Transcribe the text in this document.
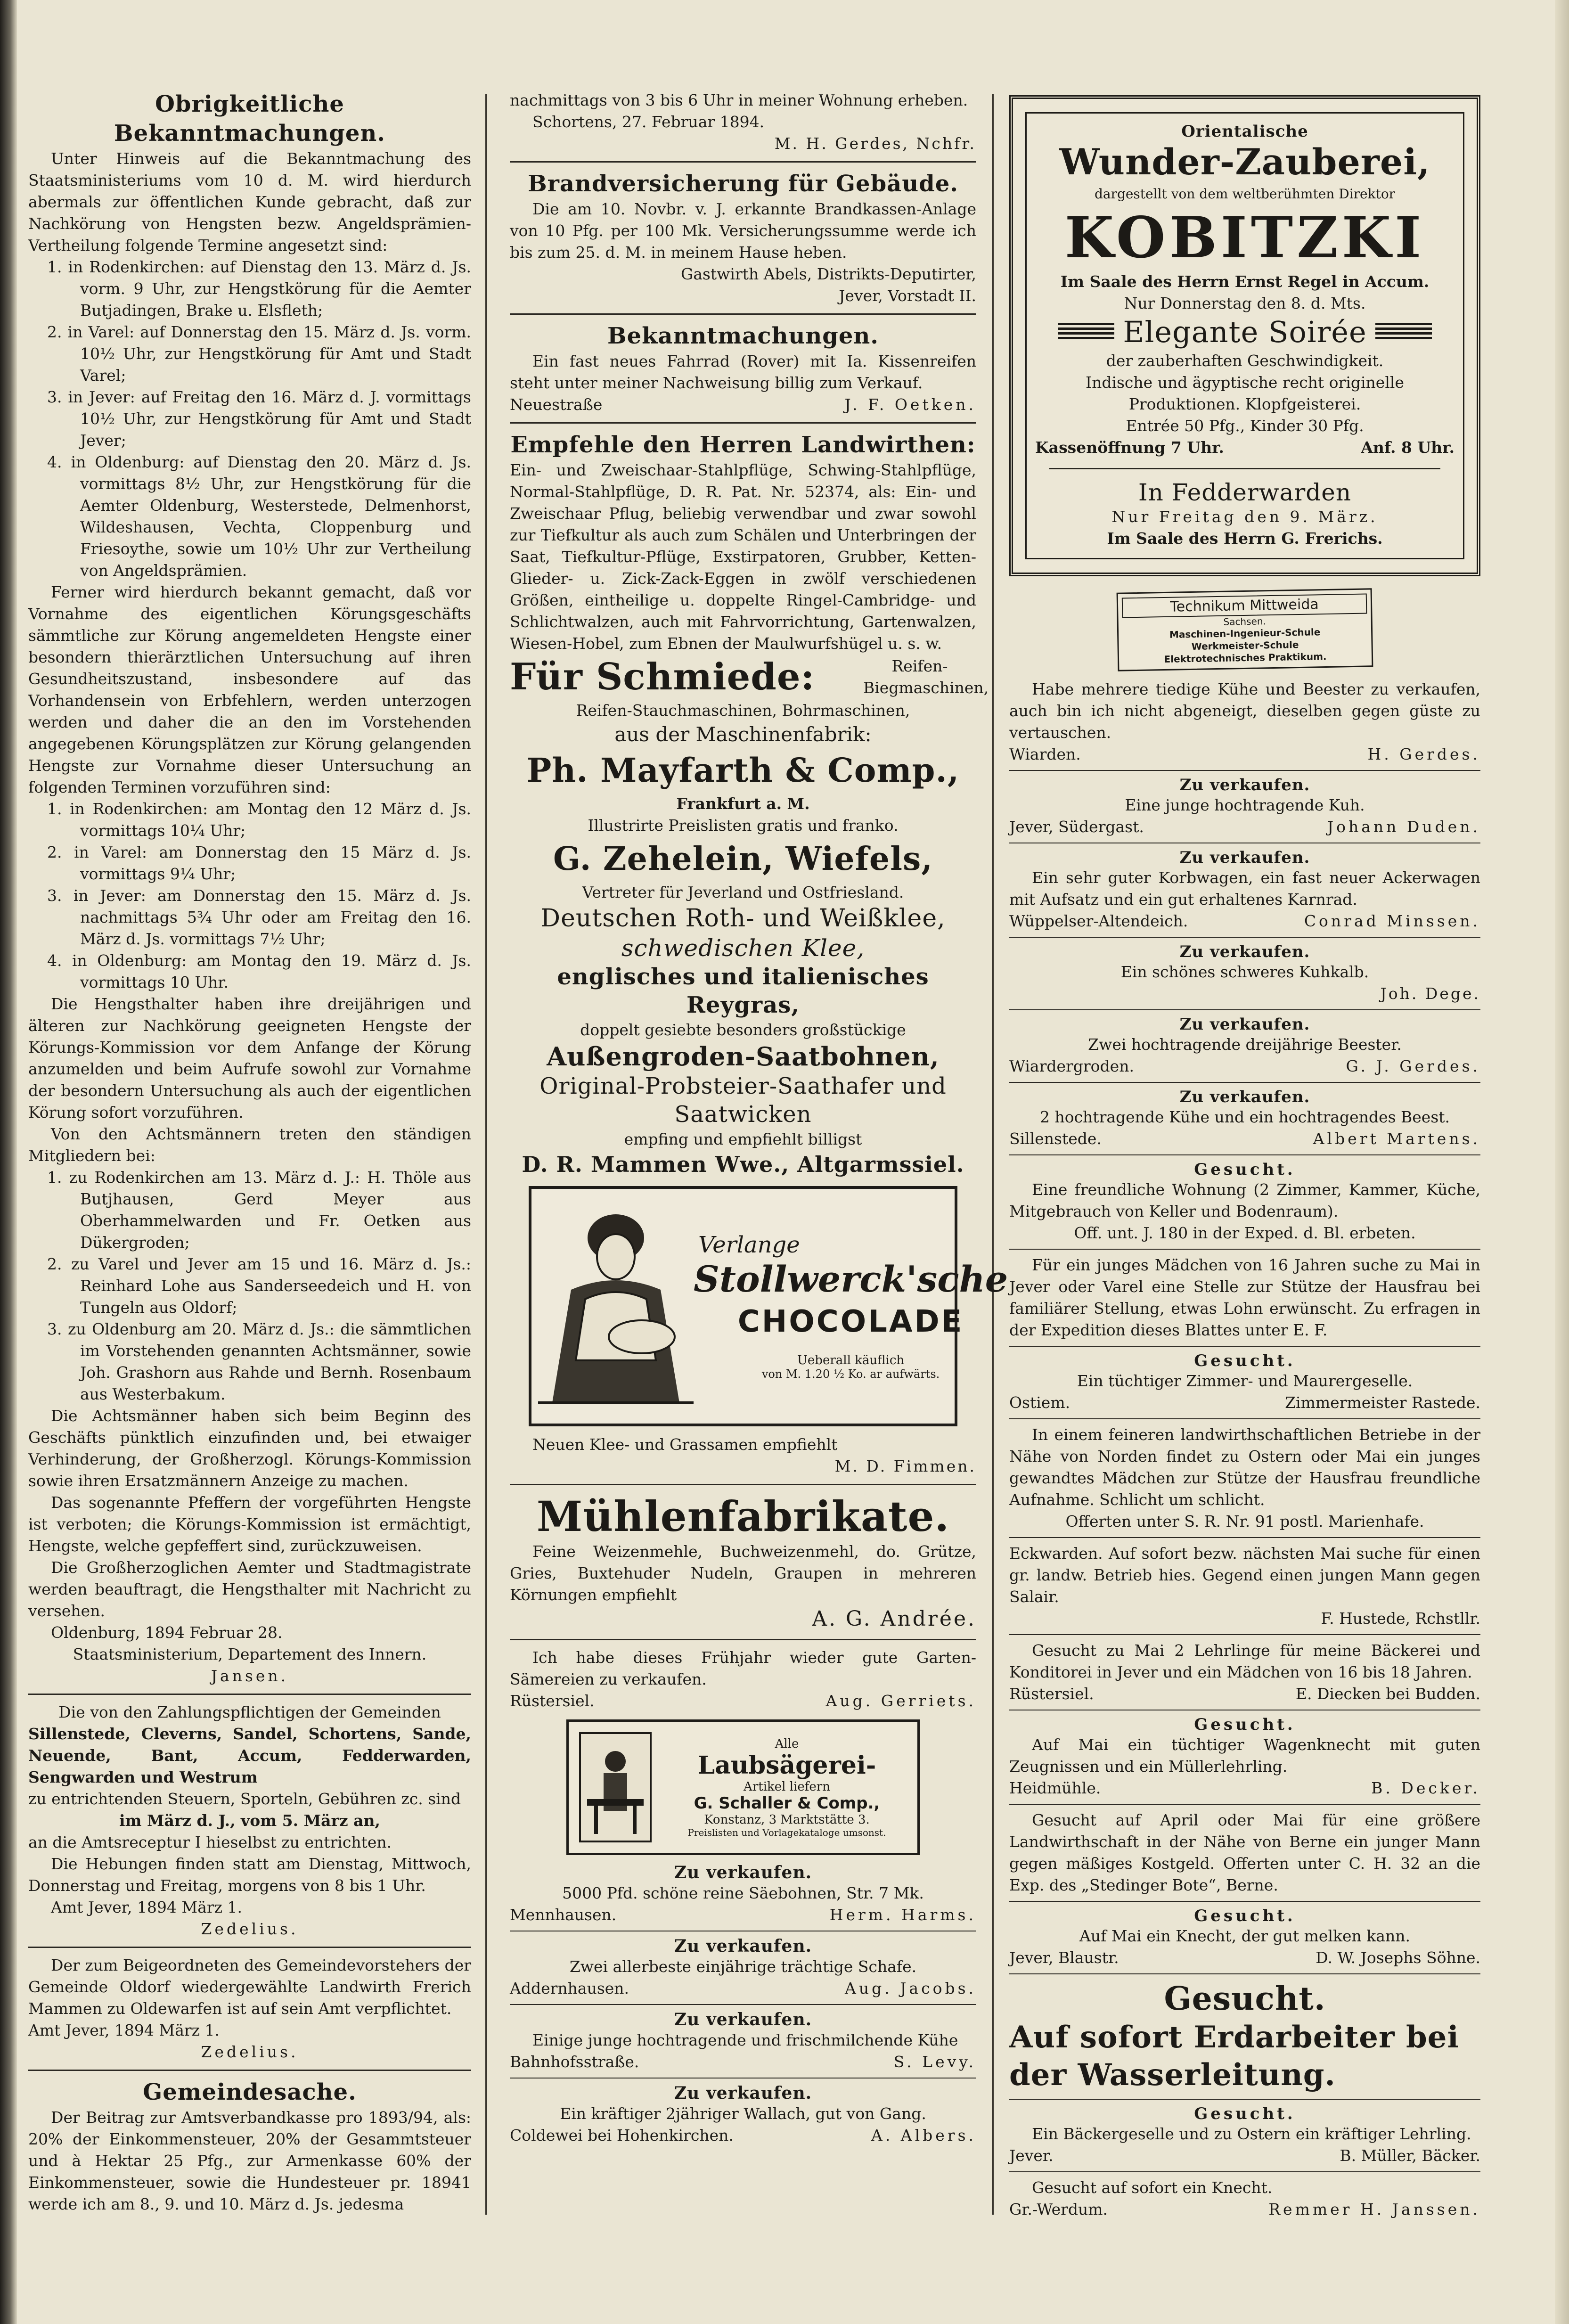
Obrigkeitliche Bekanntmachungen.

Unter Hinweis auf die Bekanntmachung des Staatsministeriums vom 10 d. M. wird hierdurch abermals zur öffentlichen Kunde gebracht, daß zur Nachkörung von Hengsten bezw. Angeldsprämien-Vertheilung folgende Termine angesetzt sind:

1. in Rodenkirchen: auf Dienstag den 13. März d. Js. vorm. 9 Uhr, zur Hengstkörung für die Aemter Butjadingen, Brake u. Elsfleth;

2. in Varel: auf Donnerstag den 15. März d. Js. vorm. 10½ Uhr, zur Hengstkörung für Amt und Stadt Varel;

3. in Jever: auf Freitag den 16. März d. J. vormittags 10½ Uhr, zur Hengstkörung für Amt und Stadt Jever;

4. in Oldenburg: auf Dienstag den 20. März d. Js. vormittags 8½ Uhr, zur Hengstkörung für die Aemter Oldenburg, Westerstede, Delmenhorst, Wildeshausen, Vechta, Cloppenburg und Friesoythe, sowie um 10½ Uhr zur Vertheilung von Angeldsprämien.

Ferner wird hierdurch bekannt gemacht, daß vor Vornahme des eigentlichen Körungsgeschäfts sämmtliche zur Körung angemeldeten Hengste einer besondern thierärztlichen Untersuchung auf ihren Gesundheitszustand, insbesondere auf das Vorhandensein von Erbfehlern, werden unterzogen werden und daher die an den im Vorstehenden angegebenen Körungsplätzen zur Körung gelangenden Hengste zur Vornahme dieser Untersuchung an folgenden Terminen vorzuführen sind:

1. in Rodenkirchen: am Montag den 12 März d. Js. vormittags 10¼ Uhr;

2. in Varel: am Donnerstag den 15 März d. Js. vormittags 9¼ Uhr;

3. in Jever: am Donnerstag den 15. März d. Js. nachmittags 5¾ Uhr oder am Freitag den 16. März d. Js. vormittags 7½ Uhr;

4. in Oldenburg: am Montag den 19. März d. Js. vormittags 10 Uhr.

Die Hengsthalter haben ihre dreijährigen und älteren zur Nachkörung geeigneten Hengste der Körungs-Kommission vor dem Anfange der Körung anzumelden und beim Aufrufe sowohl zur Vornahme der besondern Untersuchung als auch der eigentlichen Körung sofort vorzuführen.

Von den Achtsmännern treten den ständigen Mitgliedern bei:

1. zu Rodenkirchen am 13. März d. J.: H. Thöle aus Butjhausen, Gerd Meyer aus Oberhammelwarden und Fr. Oetken aus Dükergroden;

2. zu Varel und Jever am 15 und 16. März d. Js.: Reinhard Lohe aus Sanderseedeich und H. von Tungeln aus Oldorf;

3. zu Oldenburg am 20. März d. Js.: die sämmtlichen im Vorstehenden genannten Achtsmänner, sowie Joh. Grashorn aus Rahde und Bernh. Rosenbaum aus Westerbakum.

Die Achtsmänner haben sich beim Beginn des Geschäfts pünktlich einzufinden und, bei etwaiger Verhinderung, der Großherzogl. Körungs-Kommission sowie ihren Ersatzmännern Anzeige zu machen.

Das sogenannte Pfeffern der vorgeführten Hengste ist verboten; die Körungs-Kommission ist ermächtigt, Hengste, welche gepfeffert sind, zurückzuweisen.

Die Großherzoglichen Aemter und Stadtmagistrate werden beauftragt, die Hengsthalter mit Nachricht zu versehen.

Oldenburg, 1894 Februar 28.

Staatsministerium, Departement des Innern.

Jansen.

Die von den Zahlungspflichtigen der Gemeinden

Sillenstede, Cleverns, Sandel, Schortens, Sande, Neuende, Bant, Accum, Fedderwarden, Sengwarden und Westrum

zu entrichtenden Steuern, Sporteln, Gebühren zc. sind

im März d. J., vom 5. März an,

an die Amtsreceptur I hieselbst zu entrichten.

Die Hebungen finden statt am Dienstag, Mittwoch, Donnerstag und Freitag, morgens von 8 bis 1 Uhr.

Amt Jever, 1894 März 1.

Zedelius.

Der zum Beigeordneten des Gemeindevorstehers der Gemeinde Oldorf wiedergewählte Landwirth Frerich Mammen zu Oldewarfen ist auf sein Amt verpflichtet.

Amt Jever, 1894 März 1.

Zedelius.

Gemeindesache.

Der Beitrag zur Amtsverbandkasse pro 1893/94, als: 20% der Einkommensteuer, 20% der Gesammtsteuer und à Hektar 25 Pfg., zur Armenkasse 60% der Einkommensteuer, sowie die Hundesteuer pr. 18941 werde ich am 8., 9. und 10. März d. Js. jedesma

nachmittags von 3 bis 6 Uhr in meiner Wohnung erheben.

Schortens, 27. Februar 1894.

M. H. Gerdes, Nchfr.

Brandversicherung für Gebäude.

Die am 10. Novbr. v. J. erkannte Brandkassen-Anlage von 10 Pfg. per 100 Mk. Versicherungssumme werde ich bis zum 25. d. M. in meinem Hause heben.

Gastwirth Abels, Distrikts-Deputirter,

Jever, Vorstadt II.

Bekanntmachungen.

Ein fast neues Fahrrad (Rover) mit Ia. Kissenreifen steht unter meiner Nachweisung billig zum Verkauf.

Neuestraße	J. F. Oetken.
Empfehle den Herren Landwirthen:

Ein- und Zweischaar-Stahlpflüge, Schwing-Stahlpflüge, Normal-Stahlpflüge, D. R. Pat. Nr. 52374, als: Ein- und Zweischaar Pflug, beliebig verwendbar und zwar sowohl zur Tiefkultur als auch zum Schälen und Unterbringen der Saat, Tiefkultur-Pflüge, Exstirpatoren, Grubber, Ketten-Glieder- u. Zick-Zack-Eggen in zwölf verschiedenen Größen, eintheilige u. doppelte Ringel-Cambridge- und Schlichtwalzen, auch mit Fahrvorrichtung, Gartenwalzen, Wiesen-Hobel, zum Ebnen der Maulwurfshügel u. s. w.

Für Schmiede:	Reifen-Biegmaschinen,

Reifen-Stauchmaschinen, Bohrmaschinen,

aus der Maschinenfabrik:

Ph. Mayfarth & Comp.,

Frankfurt a. M.

Illustrirte Preislisten gratis und franko.

G. Zehelein, Wiefels,

Vertreter für Jeverland und Ostfriesland.

Deutschen Roth- und Weißklee,
schwedischen Klee,
englisches und italienisches Reygras,

doppelt gesiebte besonders großstückige

Außengroden-Saatbohnen,
Original-Probsteier-Saathafer und
Saatwicken

empfing und empfiehlt billigst

D. R. Mammen Wwe., Altgarmssiel.
Verlange
Stollwerck'sche
CHOCOLADE
Ueberall käuflich
von M. 1.20 ½ Ko. ar aufwärts.

Neuen Klee- und Grassamen empfiehlt

M. D. Fimmen.

Mühlenfabrikate.

Feine Weizenmehle, Buchweizenmehl, do. Grütze, Gries, Buxtehuder Nudeln, Graupen in mehreren Körnungen empfiehlt

A. G. Andrée.

Ich habe dieses Frühjahr wieder gute Garten-Sämereien zu verkaufen.

Rüstersiel.	Aug. Gerriets.
Alle
Laubsägerei-
Artikel liefern
G. Schaller & Comp.,
Konstanz, 3 Marktstätte 3.
Preislisten und Vorlagekataloge umsonst.
Zu verkaufen.

5000 Pfd. schöne reine Säebohnen, Str. 7 Mk.

Mennhausen.	Herm. Harms.
Zu verkaufen.

Zwei allerbeste einjährige trächtige Schafe.

Addernhausen.	Aug. Jacobs.
Zu verkaufen.

Einige junge hochtragende und frischmilchende Kühe

Bahnhofsstraße.	S. Levy.
Zu verkaufen.

Ein kräftiger 2jähriger Wallach, gut von Gang.

Coldewei bei Hohenkirchen.	A. Albers.
Orientalische
Wunder-Zauberei,

dargestellt von dem weltberühmten Direktor

KOBITZKI

Im Saale des Herrn Ernst Regel in Accum.

Nur Donnerstag den 8. d. Mts.

Elegante Soirée

der zauberhaften Geschwindigkeit.

Indische und ägyptische recht originelle Produktionen. Klopfgeisterei.

Entrée 50 Pfg., Kinder 30 Pfg.

Kassenöffnung 7 Uhr.	Anf. 8 Uhr.
In Fedderwarden

Nur Freitag den 9. März.

Im Saale des Herrn G. Frerichs.

Technikum Mittweida
Sachsen.
Maschinen-Ingenieur-Schule
Werkmeister-Schule
Elektrotechnisches Praktikum.

Habe mehrere tiedige Kühe und Beester zu verkaufen, auch bin ich nicht abgeneigt, dieselben gegen güste zu vertauschen.

Wiarden.	H. Gerdes.
Zu verkaufen.

Eine junge hochtragende Kuh.

Jever, Südergast.	Johann Duden.
Zu verkaufen.

Ein sehr guter Korbwagen, ein fast neuer Ackerwagen mit Aufsatz und ein gut erhaltenes Karnrad.

Wüppelser-Altendeich.	Conrad Minssen.
Zu verkaufen.

Ein schönes schweres Kuhkalb.

Joh. Dege.

Zu verkaufen.

Zwei hochtragende dreijährige Beester.

Wiardergroden.	G. J. Gerdes.
Zu verkaufen.

2 hochtragende Kühe und ein hochtragendes Beest.

Sillenstede.	Albert Martens.
Gesucht.

Eine freundliche Wohnung (2 Zimmer, Kammer, Küche, Mitgebrauch von Keller und Bodenraum).

Off. unt. J. 180 in der Exped. d. Bl. erbeten.

Für ein junges Mädchen von 16 Jahren suche zu Mai in Jever oder Varel eine Stelle zur Stütze der Hausfrau bei familiärer Stellung, etwas Lohn erwünscht. Zu erfragen in der Expedition dieses Blattes unter E. F.

Gesucht.

Ein tüchtiger Zimmer- und Maurergeselle.

Ostiem.	Zimmermeister Rastede.

In einem feineren landwirthschaftlichen Betriebe in der Nähe von Norden findet zu Ostern oder Mai ein junges gewandtes Mädchen zur Stütze der Hausfrau freundliche Aufnahme. Schlicht um schlicht.

Offerten unter S. R. Nr. 91 postl. Marienhafe.

Eckwarden. Auf sofort bezw. nächsten Mai suche für einen gr. landw. Betrieb hies. Gegend einen jungen Mann gegen Salair.

F. Hustede, Rchstllr.

Gesucht zu Mai 2 Lehrlinge für meine Bäckerei und Konditorei in Jever und ein Mädchen von 16 bis 18 Jahren.

Rüstersiel.	E. Diecken bei Budden.
Gesucht.

Auf Mai ein tüchtiger Wagenknecht mit guten Zeugnissen und ein Müllerlehrling.

Heidmühle.	B. Decker.

Gesucht auf April oder Mai für eine größere Landwirthschaft in der Nähe von Berne ein junger Mann gegen mäßiges Kostgeld. Offerten unter C. H. 32 an die Exp. des „Stedinger Bote“, Berne.

Gesucht.

Auf Mai ein Knecht, der gut melken kann.

Jever, Blaustr.	D. W. Josephs Söhne.
Gesucht.
Auf sofort Erdarbeiter bei
der Wasserleitung.
Gesucht.

Ein Bäckergeselle und zu Ostern ein kräftiger Lehrling.

Jever.	B. Müller, Bäcker.

Gesucht auf sofort ein Knecht.

Gr.-Werdum.	Remmer H. Janssen.
